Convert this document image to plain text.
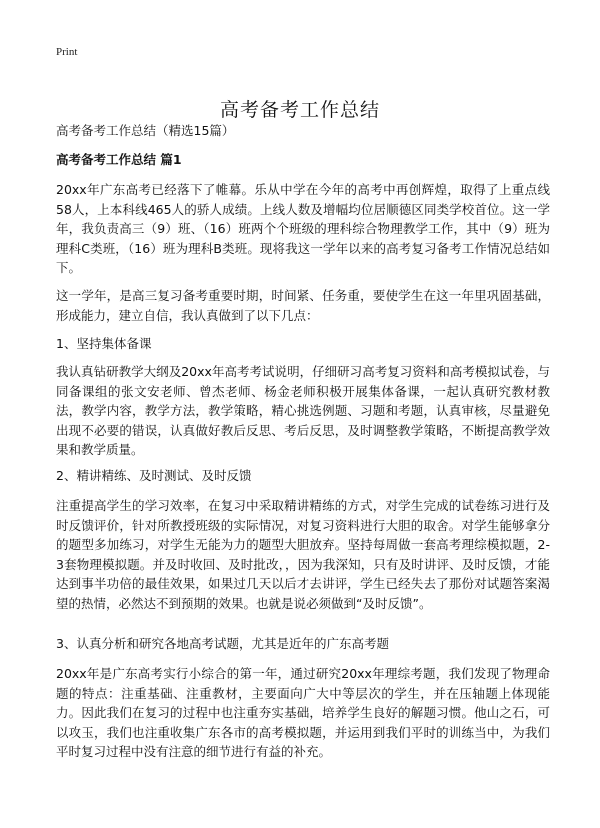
Print
高考备考工作总结
高考备考工作总结（精选15篇）
高考备考工作总结 篇1

20xx年广东高考已经落下了帷幕。乐从中学在今年的高考中再创辉煌，取得了上重点线58人，上本科线465人的骄人成绩。上线人数及增幅均位居顺德区同类学校首位。这一学年，我负责高三（9）班、（16）班两个个班级的理科综合物理教学工作，其中（9）班为理科C类班，（16）班为理科B类班。现将我这一学年以来的高考复习备考工作情况总结如下。

这一学年，是高三复习备考重要时期，时间紧、任务重，要使学生在这一年里巩固基础，形成能力，建立自信，我认真做到了以下几点：

1、坚持集体备课

我认真钻研教学大纲及20xx年高考考试说明，仔细研习高考复习资料和高考模拟试卷，与同备课组的张文安老师、曾杰老师、杨金老师积极开展集体备课，一起认真研究教材教法，教学内容，教学方法，教学策略，精心挑选例题、习题和考题，认真审核，尽量避免出现不必要的错误，认真做好教后反思、考后反思，及时调整教学策略，不断提高教学效果和教学质量。

2、精讲精练、及时测试、及时反馈

注重提高学生的学习效率，在复习中采取精讲精练的方式，对学生完成的试卷练习进行及时反馈评价，针对所教授班级的实际情况，对复习资料进行大胆的取舍。对学生能够拿分的题型多加练习，对学生无能为力的题型大胆放弃。坚持每周做一套高考理综模拟题，2-3套物理模拟题。并及时收回、及时批改，，因为我深知，只有及时讲评、及时反馈，才能达到事半功倍的最佳效果，如果过几天以后才去讲评，学生已经失去了那份对试题答案渴望的热情，必然达不到预期的效果。也就是说必须做到“及时反馈”。

3、认真分析和研究各地高考试题，尤其是近年的广东高考题

20xx年是广东高考实行小综合的第一年，通过研究20xx年理综考题，我们发现了物理命题的特点：注重基础、注重教材，主要面向广大中等层次的学生，并在压轴题上体现能力。因此我们在复习的过程中也注重夯实基础，培养学生良好的解题习惯。他山之石，可以攻玉，我们也注重收集广东各市的高考模拟题，并运用到我们平时的训练当中，为我们平时复习过程中没有注意的细节进行有益的补充。
